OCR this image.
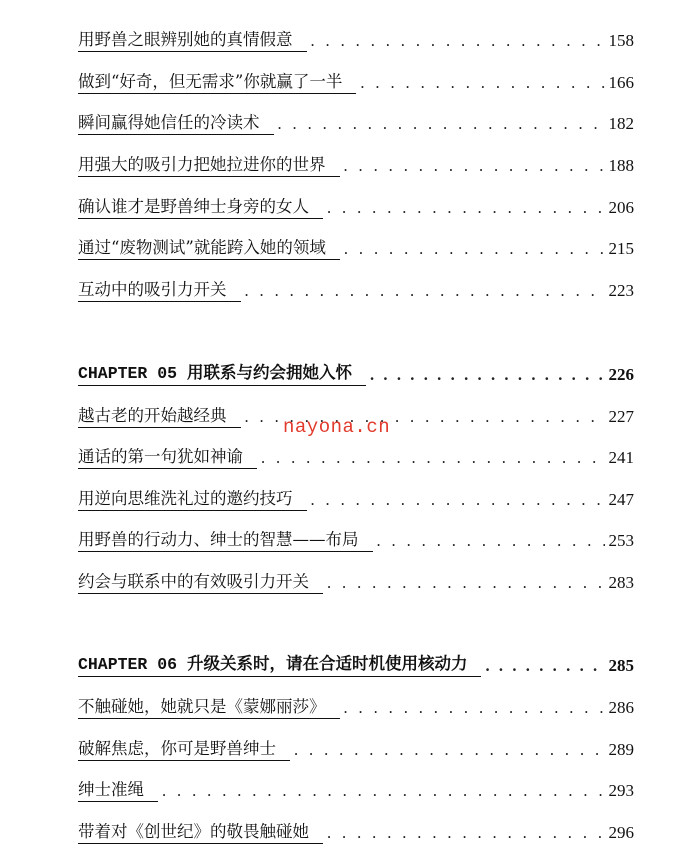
用野兽之眼辨别她的真情假意 . . .	158
做到“好奇，但无需求”你就赢了一半 . . .	166
瞬间赢得她信任的冷读术 . . .	182
用强大的吸引力把她拉进你的世界 . . .	188
确认谁才是野兽绅士身旁的女人 . . .	206
通过“废物测试”就能跨入她的领域 . . .	215
互动中的吸引力开关 . . .	223
CHAPTER 05 用联系与约会拥她入怀 . . .	226
越古老的开始越经典 . . .	227
通话的第一句犹如神谕 . . .	241
用逆向思维洗礼过的邀约技巧 . . .	247
用野兽的行动力、绅士的智慧——布局 . . .	253
约会与联系中的有效吸引力开关 . . .	283
CHAPTER 06 升级关系时，请在合适时机使用核动力 . . .	285
不触碰她，她就只是《蒙娜丽莎》 . . .	286
破解焦虑，你可是野兽绅士 . . .	289
绅士准绳 . . .	293
带着对《创世纪》的敬畏触碰她 . . .	296
nayona.cn
